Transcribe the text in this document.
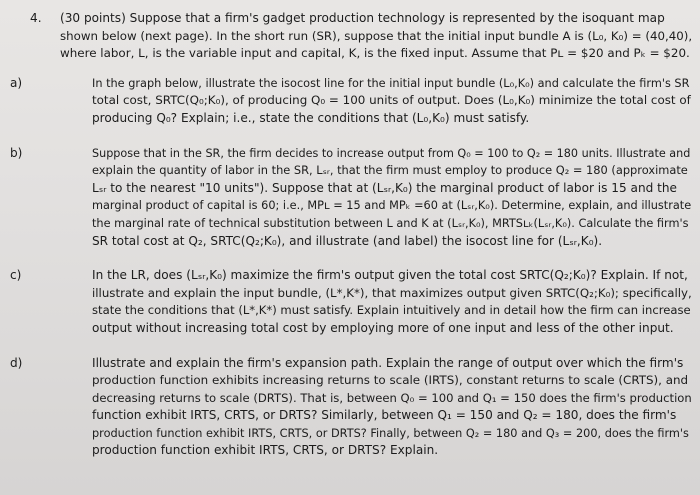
4. (30 points) Suppose that a firm's gadget production technology is represented by the isoquant map
shown below (next page). In the short run (SR), suppose that the initial input bundle A is (L₀, K₀) = (40,40),
where labor, L, is the variable input and capital, K, is the fixed input. Assume that Pʟ = $20 and Pₖ = $20.
a)	In the graph below, illustrate the isocost line for the initial input bundle (L₀,K₀) and calculate the firm's SR
total cost, SRTC(Q₀;K₀), of producing Q₀ = 100 units of output. Does (L₀,K₀) minimize the total cost of
producing Q₀? Explain; i.e., state the conditions that (L₀,K₀) must satisfy.
b)	Suppose that in the SR, the firm decides to increase output from Q₀ = 100 to Q₂ = 180 units. Illustrate and
explain the quantity of labor in the SR, Lₛᵣ, that the firm must employ to produce Q₂ = 180 (approximate
Lₛᵣ to the nearest "10 units"). Suppose that at (Lₛᵣ,K₀) the marginal product of labor is 15 and the
marginal product of capital is 60; i.e., MPʟ = 15 and MPₖ =60 at (Lₛᵣ,K₀). Determine, explain, and illustrate
the marginal rate of technical substitution between L and K at (Lₛᵣ,K₀), MRTSʟₖ(Lₛᵣ,K₀). Calculate the firm's
SR total cost at Q₂, SRTC(Q₂;K₀), and illustrate (and label) the isocost line for (Lₛᵣ,K₀).
c)	In the LR, does (Lₛᵣ,K₀) maximize the firm's output given the total cost SRTC(Q₂;K₀)? Explain. If not,
illustrate and explain the input bundle, (L*,K*), that maximizes output given SRTC(Q₂;K₀); specifically,
state the conditions that (L*,K*) must satisfy. Explain intuitively and in detail how the firm can increase
output without increasing total cost by employing more of one input and less of the other input.
d)	Illustrate and explain the firm's expansion path. Explain the range of output over which the firm's
production function exhibits increasing returns to scale (IRTS), constant returns to scale (CRTS), and
decreasing returns to scale (DRTS). That is, between Q₀ = 100 and Q₁ = 150 does the firm's production
function exhibit IRTS, CRTS, or DRTS? Similarly, between Q₁ = 150 and Q₂ = 180, does the firm's
production function exhibit IRTS, CRTS, or DRTS? Finally, between Q₂ = 180 and Q₃ = 200, does the firm's
production function exhibit IRTS, CRTS, or DRTS? Explain.
